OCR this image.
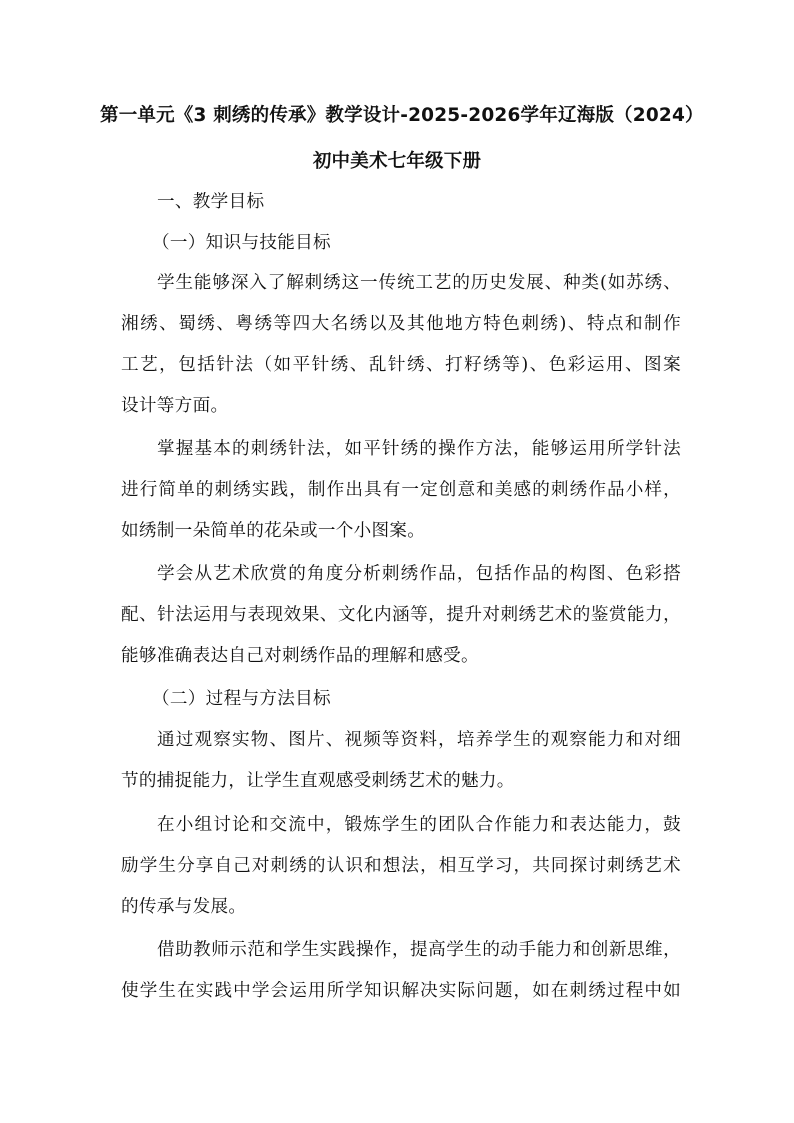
第一单元《3 刺绣的传承》教学设计-2025-2026学年辽海版（2024）
初中美术七年级下册
一、教学目标
（一）知识与技能目标
学生能够深入了解刺绣这一传统工艺的历史发展、种类(如苏绣、
湘绣、蜀绣、粤绣等四大名绣以及其他地方特色刺绣)、特点和制作
工艺，包括针法（如平针绣、乱针绣、打籽绣等)、色彩运用、图案
设计等方面。
掌握基本的刺绣针法，如平针绣的操作方法，能够运用所学针法
进行简单的刺绣实践，制作出具有一定创意和美感的刺绣作品小样，
如绣制一朵简单的花朵或一个小图案。
学会从艺术欣赏的角度分析刺绣作品，包括作品的构图、色彩搭
配、针法运用与表现效果、文化内涵等，提升对刺绣艺术的鉴赏能力，
能够准确表达自己对刺绣作品的理解和感受。
（二）过程与方法目标
通过观察实物、图片、视频等资料，培养学生的观察能力和对细
节的捕捉能力，让学生直观感受刺绣艺术的魅力。
在小组讨论和交流中，锻炼学生的团队合作能力和表达能力，鼓
励学生分享自己对刺绣的认识和想法，相互学习，共同探讨刺绣艺术
的传承与发展。
借助教师示范和学生实践操作，提高学生的动手能力和创新思维，
使学生在实践中学会运用所学知识解决实际问题，如在刺绣过程中如
